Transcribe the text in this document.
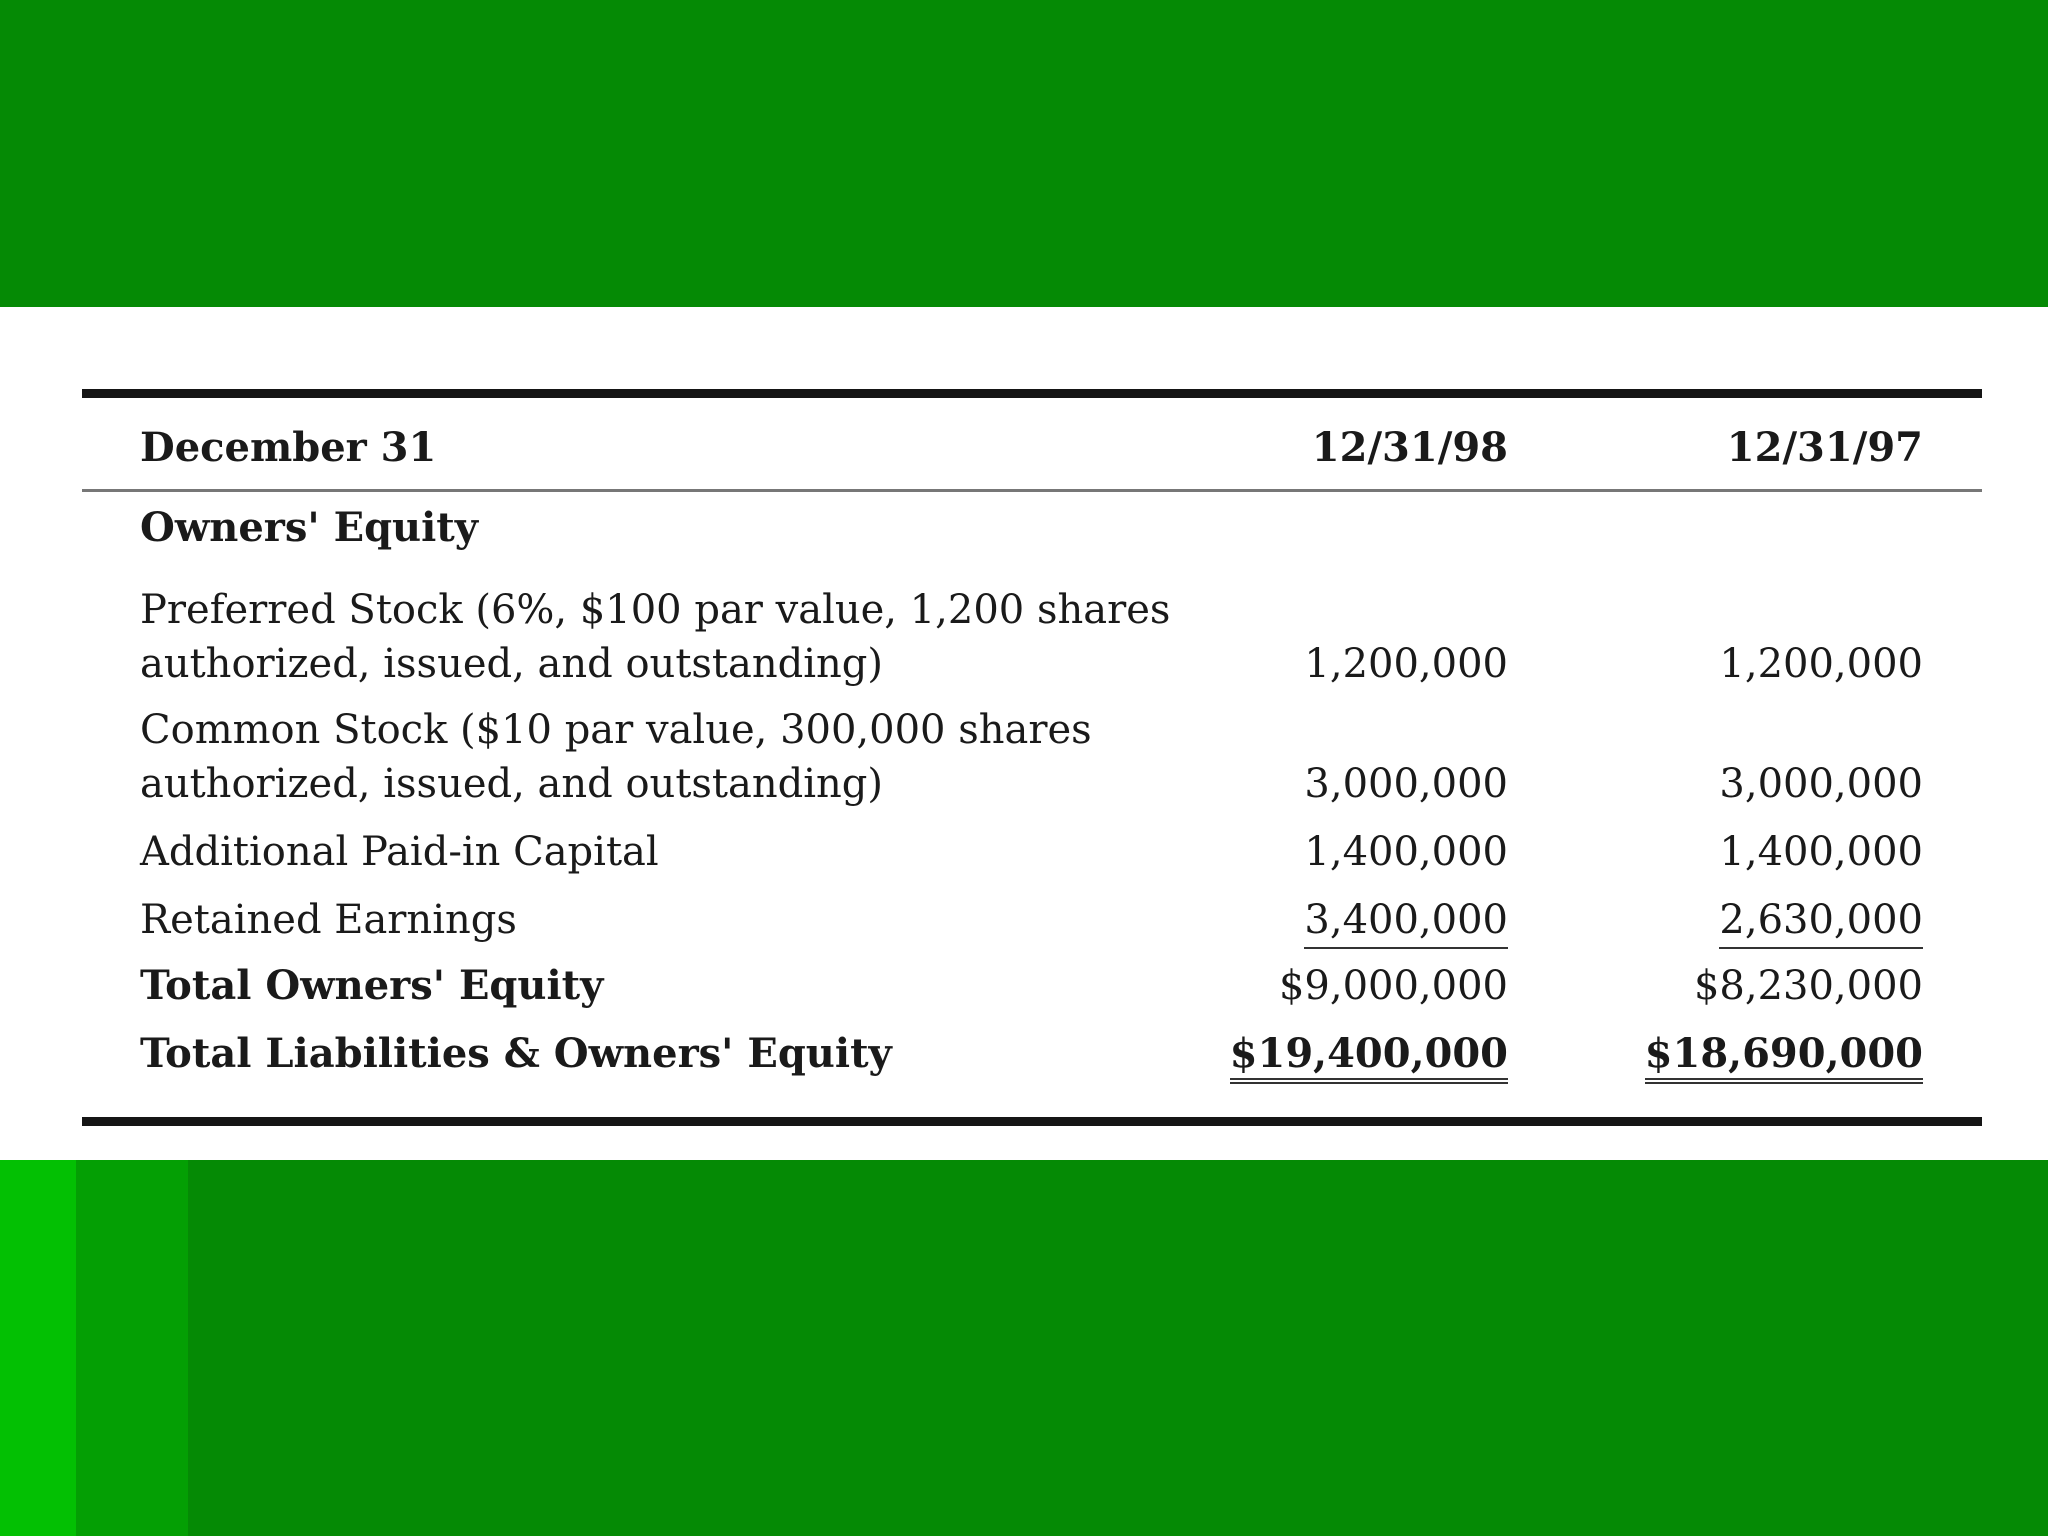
December 31	12/31/98	12/31/97
Owners' Equity
Preferred Stock (6%, $100 par value, 1,200 shares
authorized, issued, and outstanding)	1,200,000	1,200,000
Common Stock ($10 par value, 300,000 shares
authorized, issued, and outstanding)	3,000,000	3,000,000
Additional Paid-in Capital	1,400,000	1,400,000
Retained Earnings	3,400,000	2,630,000
Total Owners' Equity	$9,000,000	$8,230,000
Total Liabilities & Owners' Equity	$19,400,000	$18,690,000
